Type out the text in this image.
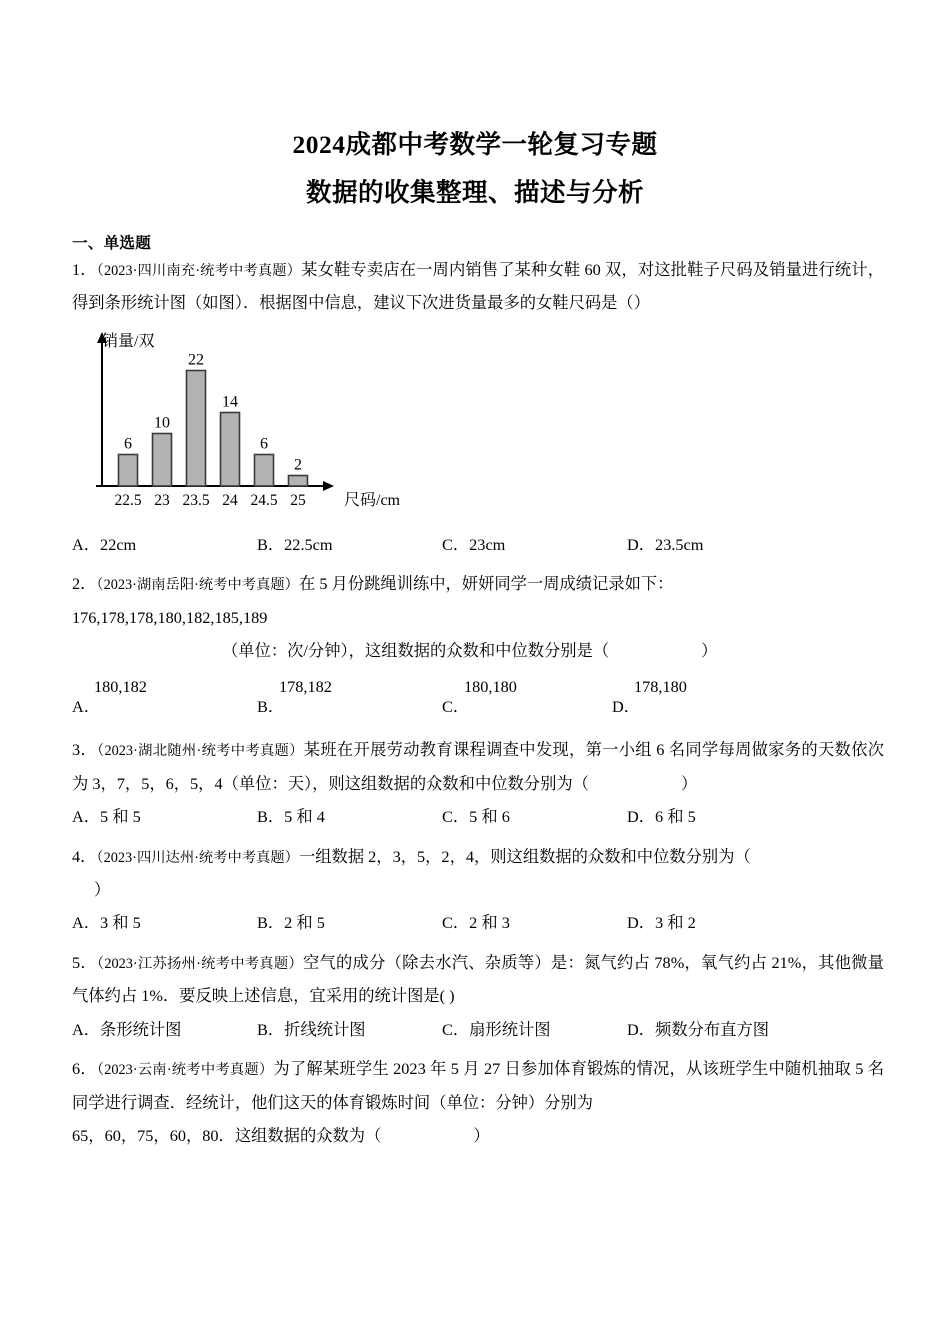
2024成都中考数学一轮复习专题
数据的收集整理、描述与分析
一、单选题
1．（2023·四川南充·统考中考真题）某女鞋专卖店在一周内销售了某种女鞋 60 双，对这批鞋子尺码及销量进行统计，得到条形统计图（如图）．根据图中信息，建议下次进货量最多的女鞋尺码是（）
6
10
22
14
6
2
22.5 23 23.5 24 24.5 25
销量/双
尺码/cm
A．22cm	B．22.5cm	C．23cm	D．23.5cm
2．（2023·湖南岳阳·统考中考真题）在 5 月份跳绳训练中，妍妍同学一周成绩记录如下：
176,178,178,180,182,185,189
（单位：次/分钟），这组数据的众数和中位数分别是（	）
A．
180,182
B．
178,182
C．
180,180
D．
178,180
3．（2023·湖北随州·统考中考真题）某班在开展劳动教育课程调查中发现，第一小组 6 名同学每周做家务的天数依次为 3，7，5，6，5，4（单位：天），则这组数据的众数和中位数分别为（	）
A．5 和 5	B．5 和 4	C．5 和 6	D．6 和 5
4．（2023·四川达州·统考中考真题）一组数据 2，3，5，2，4，则这组数据的众数和中位数分别为（
）
A．3 和 5	B．2 和 5	C．2 和 3	D．3 和 2
5．（2023·江苏扬州·统考中考真题）空气的成分（除去水汽、杂质等）是：氮气约占 78%，氧气约占 21%，其他微量气体约占 1%．要反映上述信息，宜采用的统计图是( )
A．条形统计图	B．折线统计图	C．扇形统计图	D．频数分布直方图
6．（2023·云南·统考中考真题）为了解某班学生 2023 年 5 月 27 日参加体育锻炼的情况，从该班学生中随机抽取 5 名同学进行调查．经统计，他们这天的体育锻炼时间（单位：分钟）分别为
65，60，75，60，80．这组数据的众数为（	）
